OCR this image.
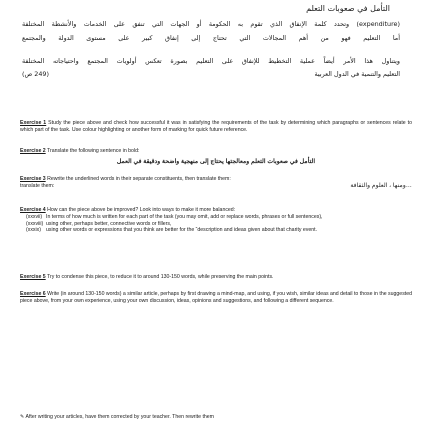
التأمل في صعوبات التعلم
(expenditure) وتحدد كلمة الإنفاق الذي تقوم به الحكومة أو الجهات التي تنفق على الخدمات والأنشطة المختلفة
أما التعليم فهو من أهم المجالات التي تحتاج إلى إنفاق كبير على مستوى الدولة والمجتمع
ويتناول هذا الأمر أيضاً عملية التخطيط للإنفاق على التعليم بصورة تعكس أولويات المجتمع واحتياجاته المختلفة
التعليم والتنمية في الدول العربية
(249 ص)
Exercise 1 Study the piece above and check how successful it was in satisfying the requirements of the task by determining which paragraphs or sentences relate to which part of the task. Use colour highlighting or another form of marking for quick future reference.
Exercise 2 Translate the following sentence in bold:
التأمل في صعوبات التعلم ومعالجتها يحتاج إلى منهجية واضحة ودقيقة في العمل
Exercise 3 Rewrite the underlined words in their separate constituents, then translate them:
translate them:	…ومنها ، العلوم والثقافة
Exercise 4 How can the piece above be improved? Look into ways to make it more balanced:
(xxxvii) In terms of how much is written for each part of the task (you may omit, add or replace words, phrases or full sentences),
(xxxviii) using other, perhaps better, connective words or fillers,
(xxxix) using other words or expressions that you think are better for the “description and ideas given about that charity event.
Exercise 5 Try to condense this piece, to reduce it to around 130-150 words, while preserving the main points.
Exercise 6 Write (in around 130-150 words) a similar article, perhaps by first drawing a mind-map, and using, if you wish, similar ideas and detail to those in the suggested piece above, from your own experience, using your own discussion, ideas, opinions and suggestions, and following a different sequence.
✎ After writing your articles, have them corrected by your teacher. Then rewrite them
